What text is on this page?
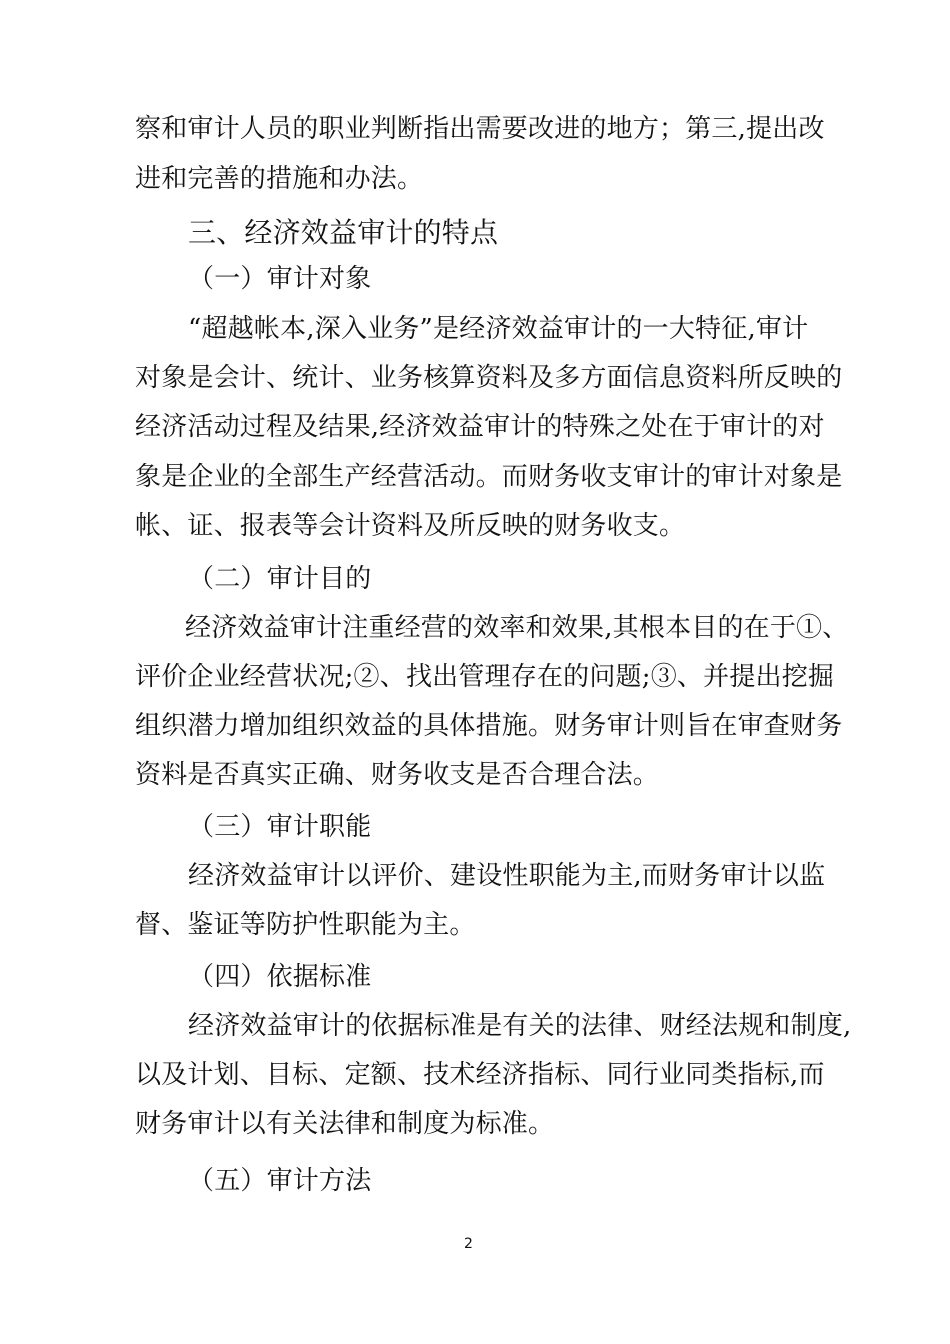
察和审计人员的职业判断指出需要改进的地方；第三,提出改
进和完善的措施和办法。
三、经济效益审计的特点
（一）审计对象
“超越帐本,深入业务”是经济效益审计的一大特征,审计
对象是会计、统计、业务核算资料及多方面信息资料所反映的
经济活动过程及结果,经济效益审计的特殊之处在于审计的对
象是企业的全部生产经营活动。而财务收支审计的审计对象是
帐、证、报表等会计资料及所反映的财务收支。
（二）审计目的
经济效益审计注重经营的效率和效果,其根本目的在于①、
评价企业经营状况;②、找出管理存在的问题;③、并提出挖掘
组织潜力增加组织效益的具体措施。财务审计则旨在审查财务
资料是否真实正确、财务收支是否合理合法。
（三）审计职能
经济效益审计以评价、建设性职能为主,而财务审计以监
督、鉴证等防护性职能为主。
（四）依据标准
经济效益审计的依据标准是有关的法律、财经法规和制度,
以及计划、目标、定额、技术经济指标、同行业同类指标,而
财务审计以有关法律和制度为标准。
（五）审计方法
2
